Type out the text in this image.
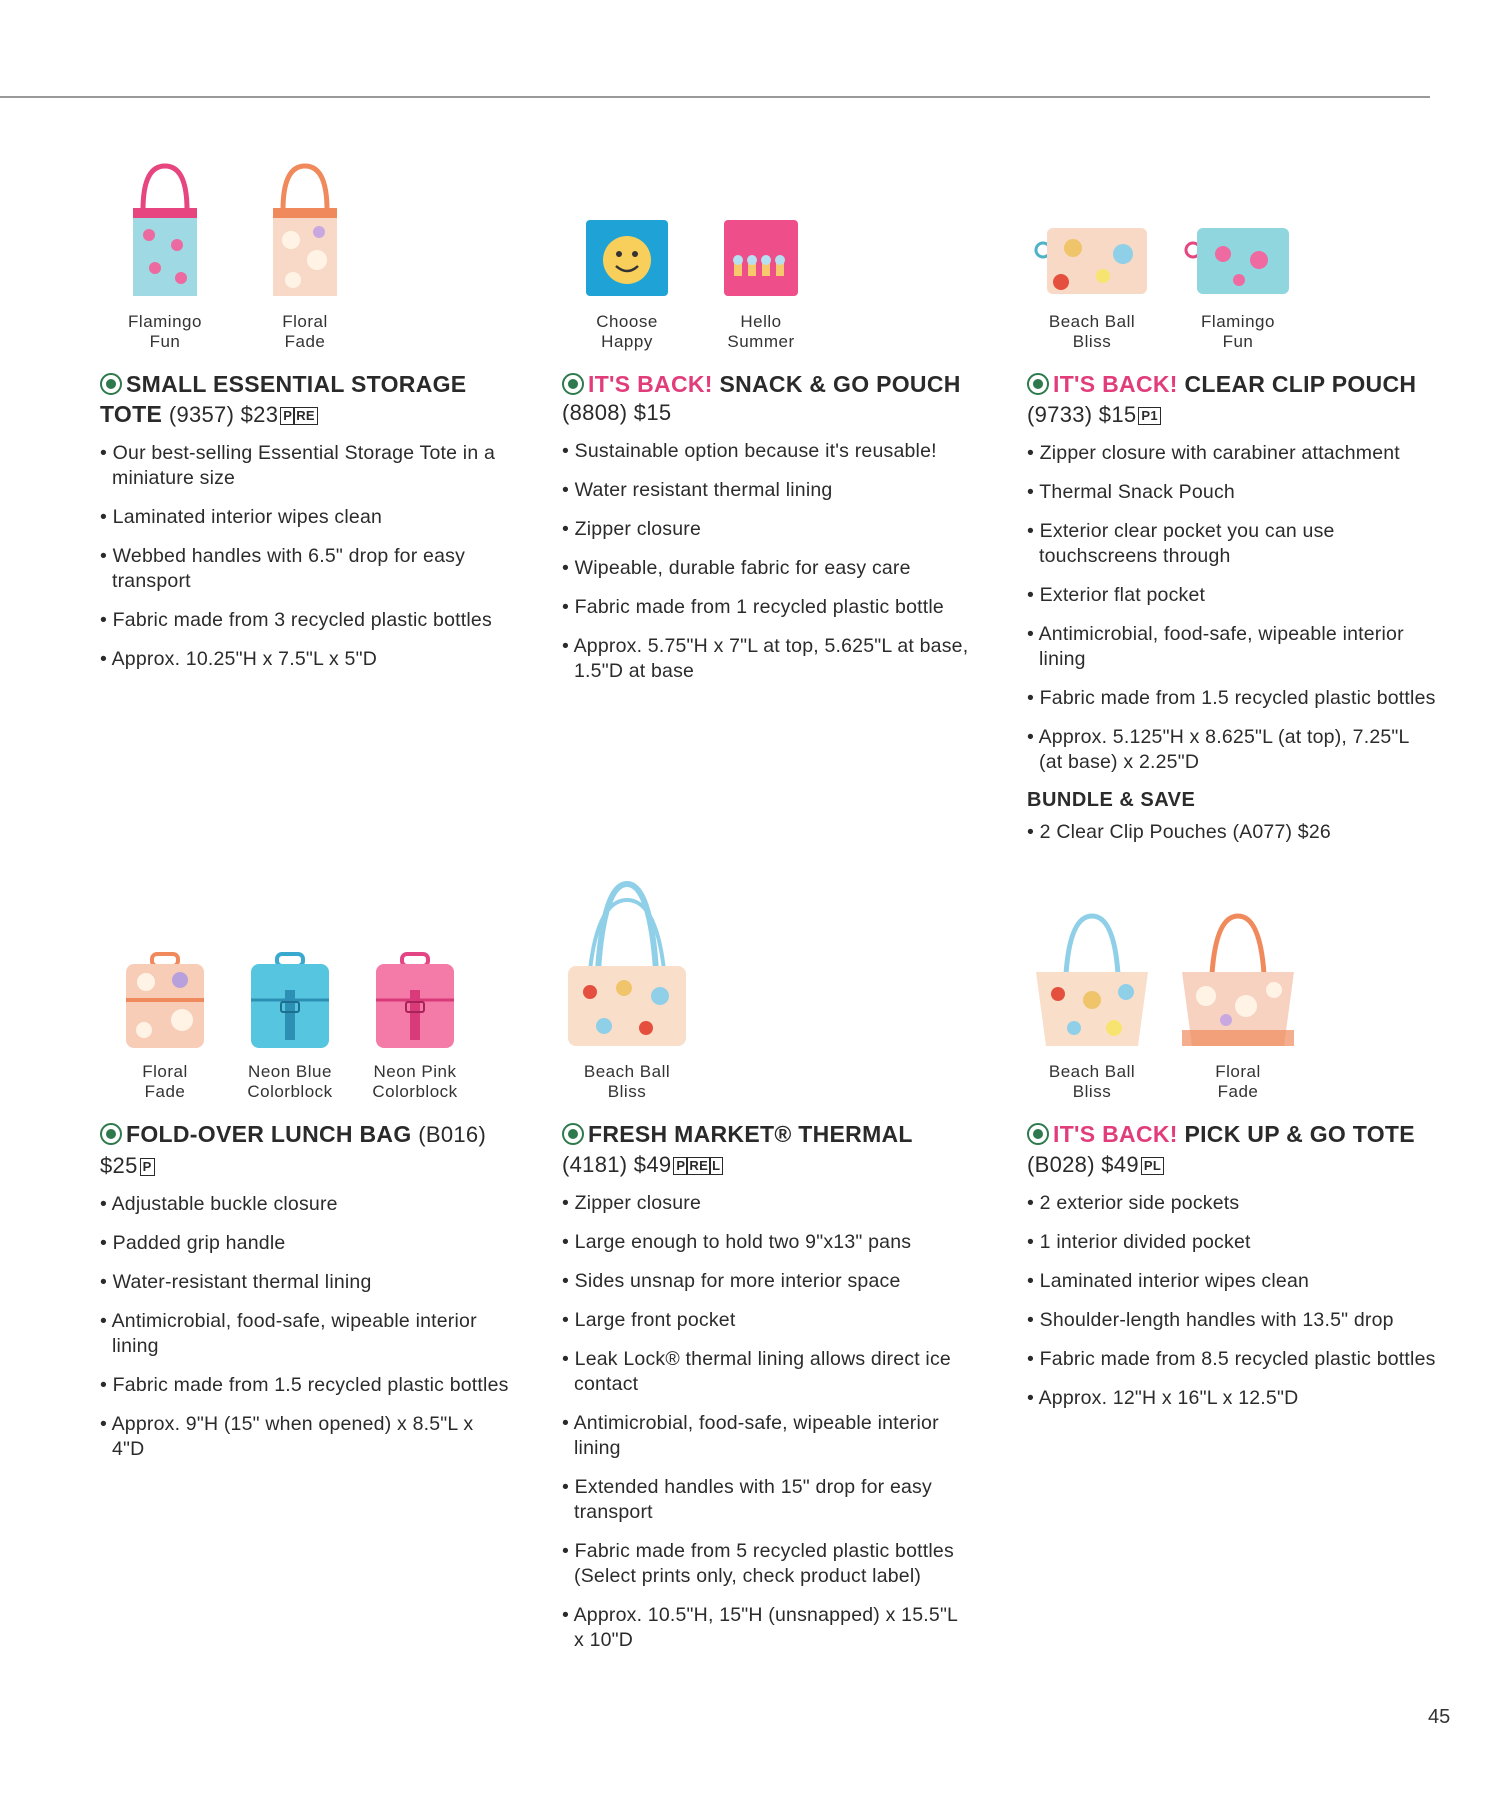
Flamingo
Fun
Floral
Fade
SMALL ESSENTIAL STORAGE TOTE (9357) $23 P RE
• Our best-selling Essential Storage Tote in a miniature size
• Laminated interior wipes clean
• Webbed handles with 6.5" drop for easy transport
• Fabric made from 3 recycled plastic bottles
• Approx. 10.25"H x 7.5"L x 5"D
Choose
Happy
Hello
Summer
IT'S BACK! SNACK & GO POUCH (8808) $15
• Sustainable option because it's reusable!
• Water resistant thermal lining
• Zipper closure
• Wipeable, durable fabric for easy care
• Fabric made from 1 recycled plastic bottle
• Approx. 5.75"H x 7"L at top, 5.625"L at base, 1.5"D at base
Beach Ball
Bliss
Flamingo
Fun
IT'S BACK! CLEAR CLIP POUCH (9733) $15 P1
• Zipper closure with carabiner attachment
• Thermal Snack Pouch
• Exterior clear pocket you can use touchscreens through
• Exterior flat pocket
• Antimicrobial, food-safe, wipeable interior lining
• Fabric made from 1.5 recycled plastic bottles
• Approx. 5.125"H x 8.625"L (at top), 7.25"L (at base) x 2.25"D
BUNDLE & SAVE
• 2 Clear Clip Pouches (A077) $26
Floral
Fade
Neon Blue
Colorblock
Neon Pink
Colorblock
FOLD-OVER LUNCH BAG (B016) $25 P
• Adjustable buckle closure
• Padded grip handle
• Water-resistant thermal lining
• Antimicrobial, food-safe, wipeable interior lining
• Fabric made from 1.5 recycled plastic bottles
• Approx. 9"H (15" when opened) x 8.5"L x 4"D
Beach Ball
Bliss
FRESH MARKET® THERMAL (4181) $49 P RE L
• Zipper closure
• Large enough to hold two 9"x13" pans
• Sides unsnap for more interior space
• Large front pocket
• Leak Lock® thermal lining allows direct ice contact
• Antimicrobial, food-safe, wipeable interior lining
• Extended handles with 15" drop for easy transport
• Fabric made from 5 recycled plastic bottles (Select prints only, check product label)
• Approx. 10.5"H, 15"H (unsnapped) x 15.5"L x 10"D
Beach Ball
Bliss
Floral
Fade
IT'S BACK! PICK UP & GO TOTE (B028) $49 PL
• 2 exterior side pockets
• 1 interior divided pocket
• Laminated interior wipes clean
• Shoulder-length handles with 13.5" drop
• Fabric made from 8.5 recycled plastic bottles
• Approx. 12"H x 16"L x 12.5"D
45
